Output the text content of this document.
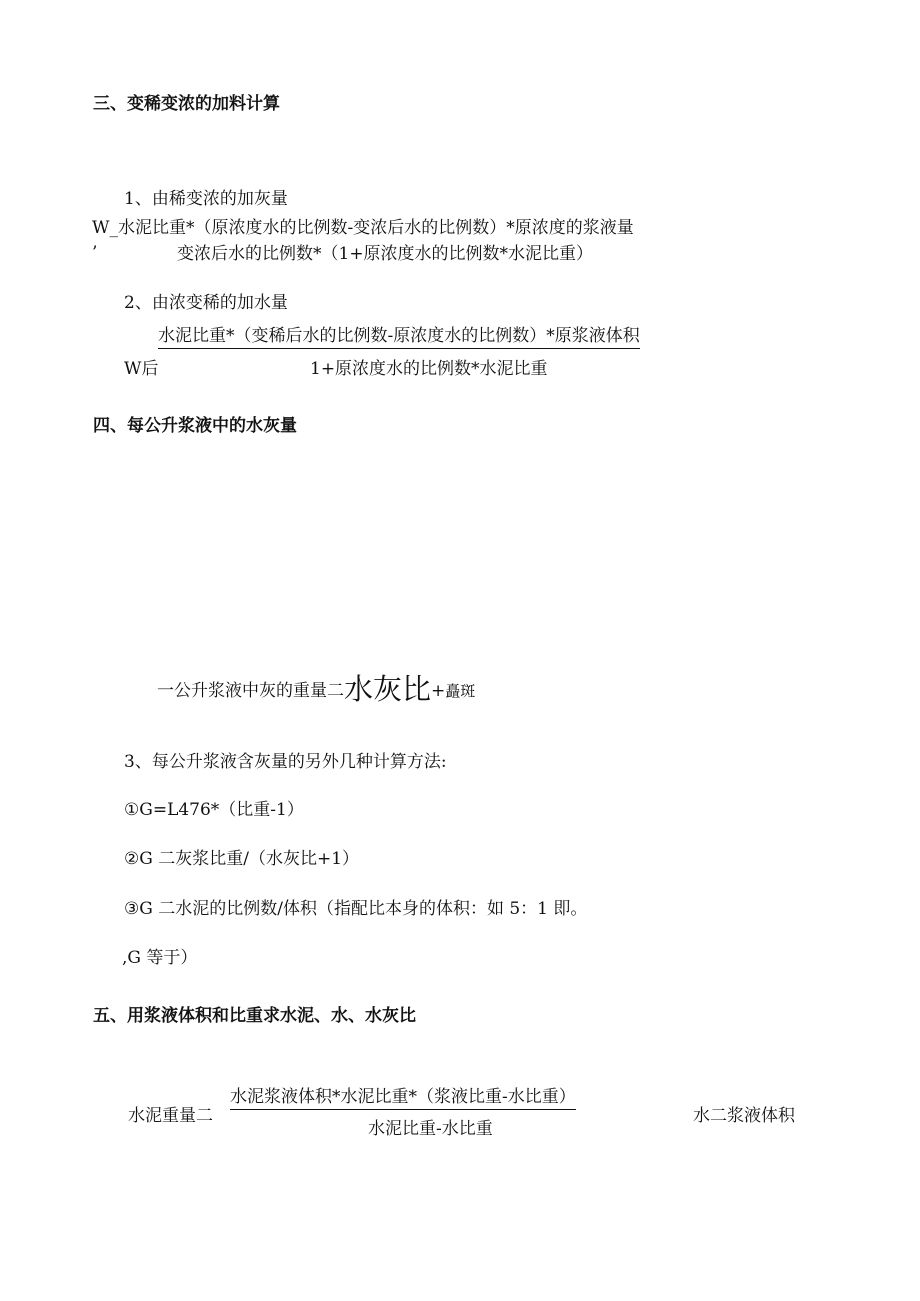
三、变稀变浓的加料计算
1、由稀变浓的加灰量
W_水泥比重*（原浓度水的比例数-变浓后水的比例数）*原浓度的浆液量
’	变浓后水的比例数*（1+原浓度水的比例数*水泥比重）
2、由浓变稀的加水量
水泥比重*（变稀后水的比例数-原浓度水的比例数）*原浆液体积
W后	1+原浓度水的比例数*水泥比重
四、每公升浆液中的水灰量
一公升浆液中灰的重量二水灰比+矗斑
3、每公升浆液含灰量的另外几种计算方法:
①G=L476*（比重-1）
②G 二灰浆比重/（水灰比+1）
③G 二水泥的比例数/体积（指配比本身的体积：如 5：1 即。
,G 等于）
五、用浆液体积和比重求水泥、水、水灰比
水泥重量二
水泥浆液体积*水泥比重*（浆液比重-水比重）
水泥比重-水比重
水二浆液体积
